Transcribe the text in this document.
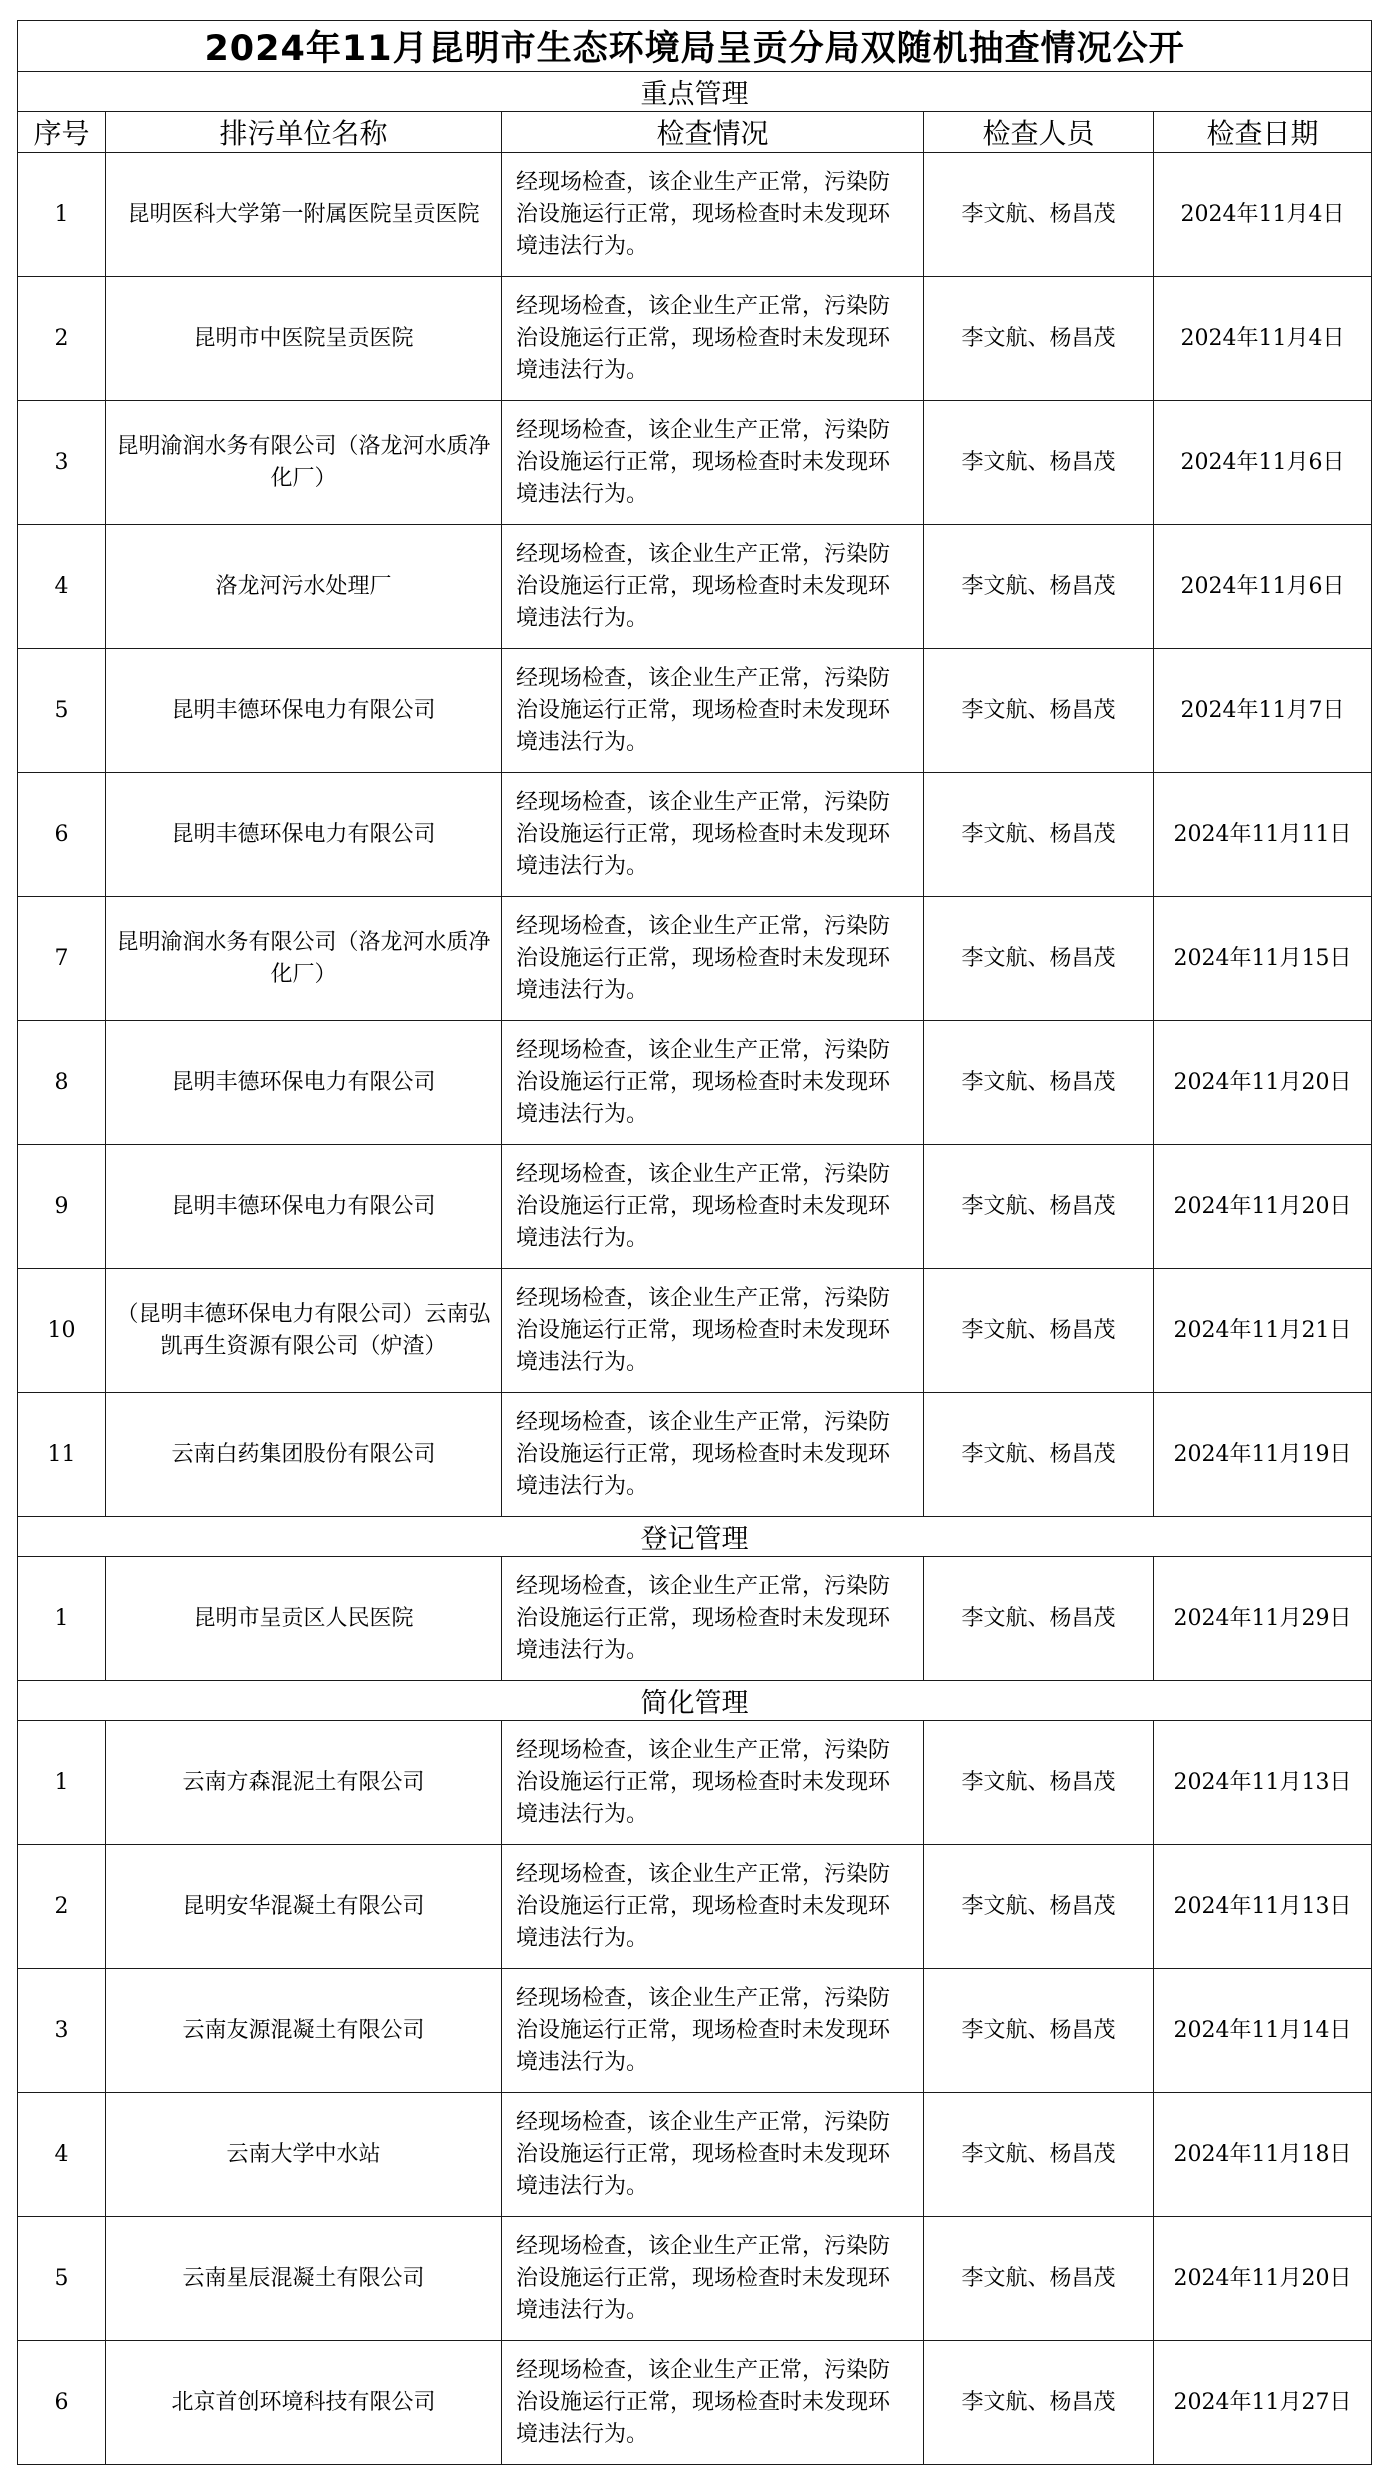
2024年11月昆明市生态环境局呈贡分局双随机抽查情况公开				
重点管理				
序号	排污单位名称	检查情况	检查人员	检查日期
1	昆明医科大学第一附属医院呈贡医院	经现场检查，该企业生产正常，污染防治设施运行正常，现场检查时未发现环境违法行为。	李文航、杨昌茂	2024年11月4日
2	昆明市中医院呈贡医院	经现场检查，该企业生产正常，污染防治设施运行正常，现场检查时未发现环境违法行为。	李文航、杨昌茂	2024年11月4日
3	昆明渝润水务有限公司（洛龙河水质净化厂）	经现场检查，该企业生产正常，污染防治设施运行正常，现场检查时未发现环境违法行为。	李文航、杨昌茂	2024年11月6日
4	洛龙河污水处理厂	经现场检查，该企业生产正常，污染防治设施运行正常，现场检查时未发现环境违法行为。	李文航、杨昌茂	2024年11月6日
5	昆明丰德环保电力有限公司	经现场检查，该企业生产正常，污染防治设施运行正常，现场检查时未发现环境违法行为。	李文航、杨昌茂	2024年11月7日
6	昆明丰德环保电力有限公司	经现场检查，该企业生产正常，污染防治设施运行正常，现场检查时未发现环境违法行为。	李文航、杨昌茂	2024年11月11日
7	昆明渝润水务有限公司（洛龙河水质净化厂）	经现场检查，该企业生产正常，污染防治设施运行正常，现场检查时未发现环境违法行为。	李文航、杨昌茂	2024年11月15日
8	昆明丰德环保电力有限公司	经现场检查，该企业生产正常，污染防治设施运行正常，现场检查时未发现环境违法行为。	李文航、杨昌茂	2024年11月20日
9	昆明丰德环保电力有限公司	经现场检查，该企业生产正常，污染防治设施运行正常，现场检查时未发现环境违法行为。	李文航、杨昌茂	2024年11月20日
10	（昆明丰德环保电力有限公司）云南弘凯再生资源有限公司（炉渣）	经现场检查，该企业生产正常，污染防治设施运行正常，现场检查时未发现环境违法行为。	李文航、杨昌茂	2024年11月21日
11	云南白药集团股份有限公司	经现场检查，该企业生产正常，污染防治设施运行正常，现场检查时未发现环境违法行为。	李文航、杨昌茂	2024年11月19日
登记管理				
1	昆明市呈贡区人民医院	经现场检查，该企业生产正常，污染防治设施运行正常，现场检查时未发现环境违法行为。	李文航、杨昌茂	2024年11月29日
简化管理				
1	云南方森混泥土有限公司	经现场检查，该企业生产正常，污染防治设施运行正常，现场检查时未发现环境违法行为。	李文航、杨昌茂	2024年11月13日
2	昆明安华混凝土有限公司	经现场检查，该企业生产正常，污染防治设施运行正常，现场检查时未发现环境违法行为。	李文航、杨昌茂	2024年11月13日
3	云南友源混凝土有限公司	经现场检查，该企业生产正常，污染防治设施运行正常，现场检查时未发现环境违法行为。	李文航、杨昌茂	2024年11月14日
4	云南大学中水站	经现场检查，该企业生产正常，污染防治设施运行正常，现场检查时未发现环境违法行为。	李文航、杨昌茂	2024年11月18日
5	云南星辰混凝土有限公司	经现场检查，该企业生产正常，污染防治设施运行正常，现场检查时未发现环境违法行为。	李文航、杨昌茂	2024年11月20日
6	北京首创环境科技有限公司	经现场检查，该企业生产正常，污染防治设施运行正常，现场检查时未发现环境违法行为。	李文航、杨昌茂	2024年11月27日
